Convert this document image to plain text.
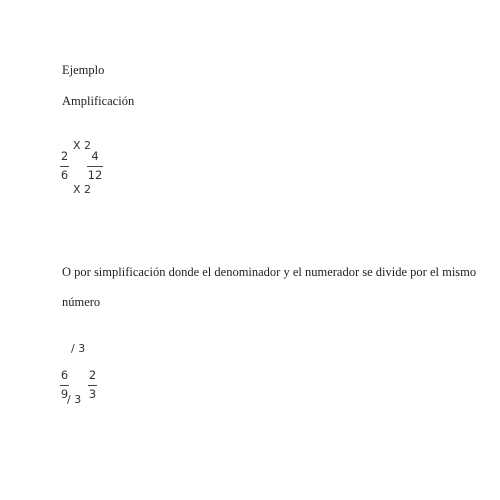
Ejemplo
Amplificación
X 2
2
6
4
12
X 2
O por simplificación donde el denominador y el numerador se divide por el mismo
número
/ 3
6
9
/ 3
2
3
